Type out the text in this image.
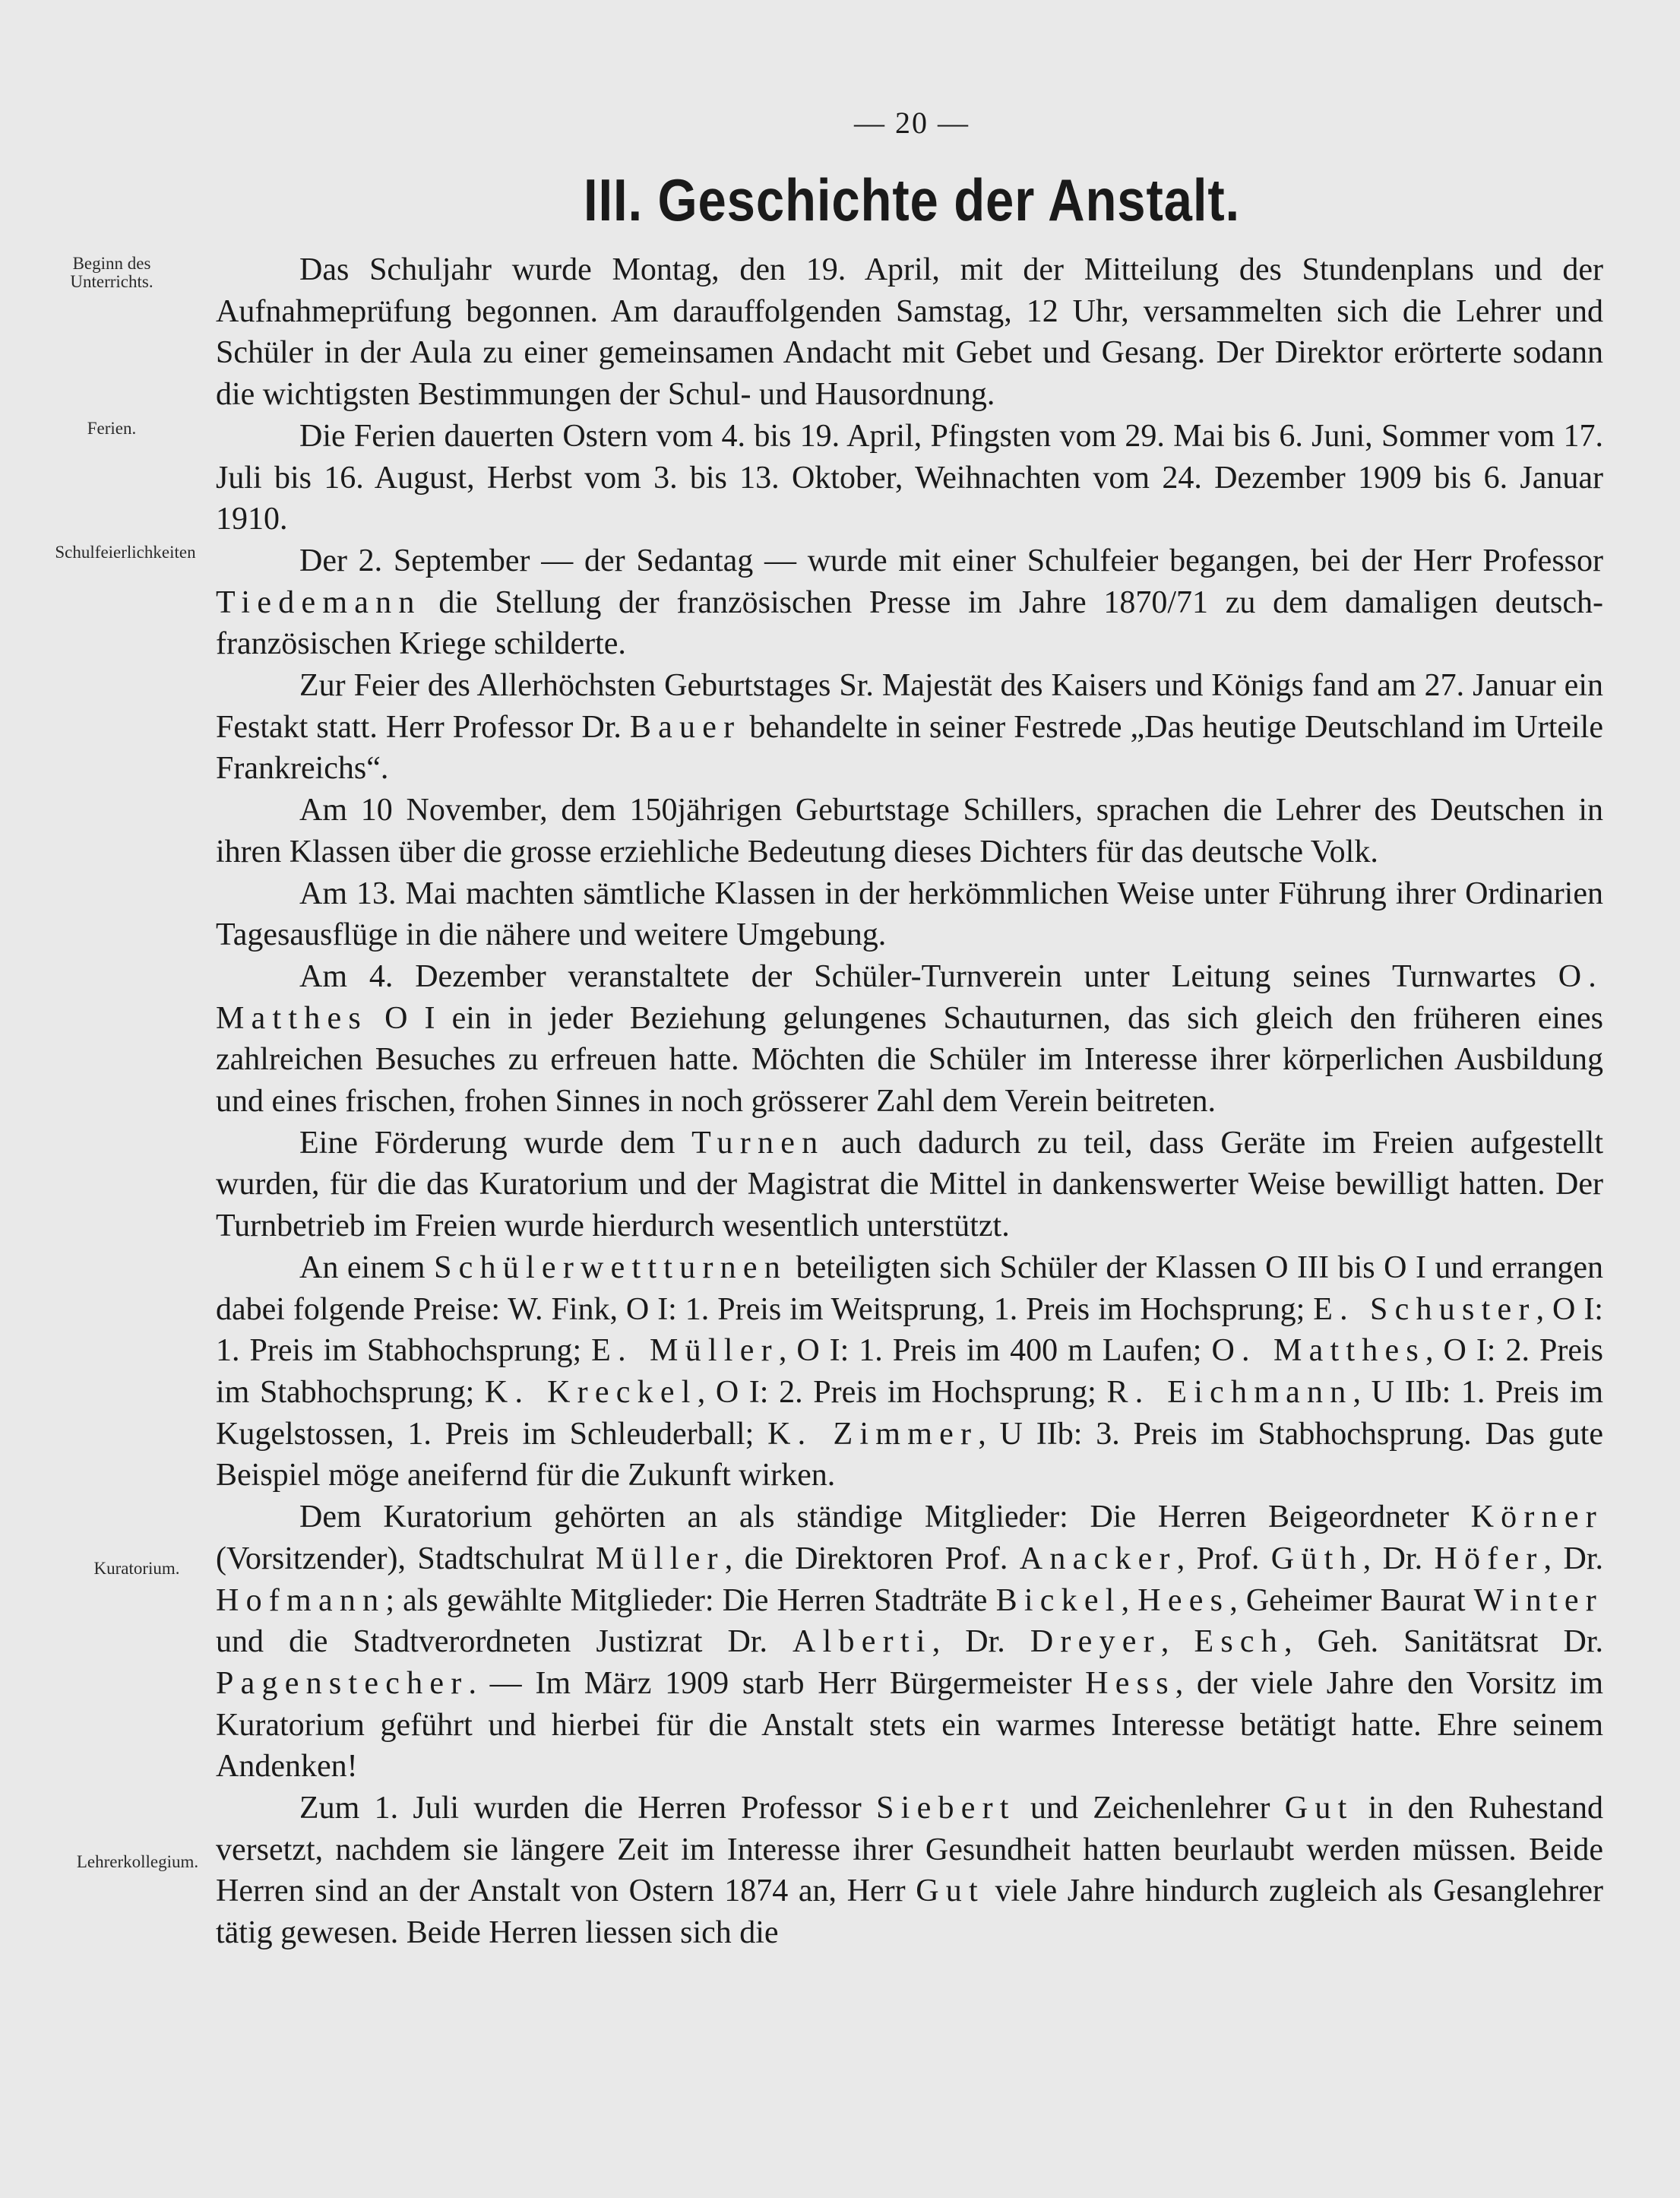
— 20 —
III. Geschichte der Anstalt.
Beginn des Unterrichts.
Ferien.
Schulfeierlichkeiten
Kuratorium.
Lehrerkollegium.

Das Schuljahr wurde Montag, den 19. April, mit der Mitteilung des Stundenplans und der Aufnahmeprüfung begonnen. Am darauffolgenden Samstag, 12 Uhr, versammelten sich die Lehrer und Schüler in der Aula zu einer gemeinsamen Andacht mit Gebet und Gesang. Der Direktor erörterte sodann die wichtigsten Bestimmungen der Schul- und Hausordnung.

Die Ferien dauerten Ostern vom 4. bis 19. April, Pfingsten vom 29. Mai bis 6. Juni, Sommer vom 17. Juli bis 16. August, Herbst vom 3. bis 13. Oktober, Weihnachten vom 24. Dezember 1909 bis 6. Januar 1910.

Der 2. September — der Sedantag — wurde mit einer Schulfeier begangen, bei der Herr Professor Tiedemann die Stellung der französischen Presse im Jahre 1870/71 zu dem damaligen deutsch-französischen Kriege schilderte.

Zur Feier des Allerhöchsten Geburtstages Sr. Majestät des Kaisers und Königs fand am 27. Januar ein Festakt statt. Herr Professor Dr. Bauer behandelte in seiner Festrede „Das heutige Deutschland im Urteile Frankreichs“.

Am 10 November, dem 150jährigen Geburtstage Schillers, sprachen die Lehrer des Deutschen in ihren Klassen über die grosse erziehliche Bedeutung dieses Dichters für das deutsche Volk.

Am 13. Mai machten sämtliche Klassen in der herkömmlichen Weise unter Führung ihrer Ordinarien Tagesausflüge in die nähere und weitere Umgebung.

Am 4. Dezember veranstaltete der Schüler-Turnverein unter Leitung seines Turnwartes O. Matthes O I ein in jeder Beziehung gelungenes Schauturnen, das sich gleich den früheren eines zahlreichen Besuches zu erfreuen hatte. Möchten die Schüler im Interesse ihrer körperlichen Ausbildung und eines frischen, frohen Sinnes in noch grösserer Zahl dem Verein beitreten.

Eine Förderung wurde dem Turnen auch dadurch zu teil, dass Geräte im Freien aufgestellt wurden, für die das Kuratorium und der Magistrat die Mittel in dankenswerter Weise bewilligt hatten. Der Turnbetrieb im Freien wurde hierdurch wesentlich unterstützt.

An einem Schülerwettturnen beteiligten sich Schüler der Klassen O III bis O I und errangen dabei folgende Preise: W. Fink, O I: 1. Preis im Weitsprung, 1. Preis im Hochsprung; E. Schuster, O I: 1. Preis im Stabhochsprung; E. Müller, O I: 1. Preis im 400 m Laufen; O. Matthes, O I: 2. Preis im Stabhochsprung; K. Kreckel, O I: 2. Preis im Hochsprung; R. Eichmann, U IIb: 1. Preis im Kugelstossen, 1. Preis im Schleuderball; K. Zimmer, U IIb: 3. Preis im Stabhochsprung. Das gute Beispiel möge aneifernd für die Zukunft wirken.

Dem Kuratorium gehörten an als ständige Mitglieder: Die Herren Beigeordneter Körner (Vorsitzender), Stadtschulrat Müller, die Direktoren Prof. Anacker, Prof. Güth, Dr. Höfer, Dr. Hofmann; als gewählte Mitglieder: Die Herren Stadträte Bickel, Hees, Geheimer Baurat Winter und die Stadtverordneten Justizrat Dr. Alberti, Dr. Dreyer, Esch, Geh. Sanitätsrat Dr. Pagenstecher. — Im März 1909 starb Herr Bürgermeister Hess, der viele Jahre den Vorsitz im Kuratorium geführt und hierbei für die Anstalt stets ein warmes Interesse betätigt hatte. Ehre seinem Andenken!

Zum 1. Juli wurden die Herren Professor Siebert und Zeichenlehrer Gut in den Ruhestand versetzt, nachdem sie längere Zeit im Interesse ihrer Gesundheit hatten beurlaubt werden müssen. Beide Herren sind an der Anstalt von Ostern 1874 an, Herr Gut viele Jahre hindurch zugleich als Gesanglehrer tätig gewesen. Beide Herren liessen sich die
